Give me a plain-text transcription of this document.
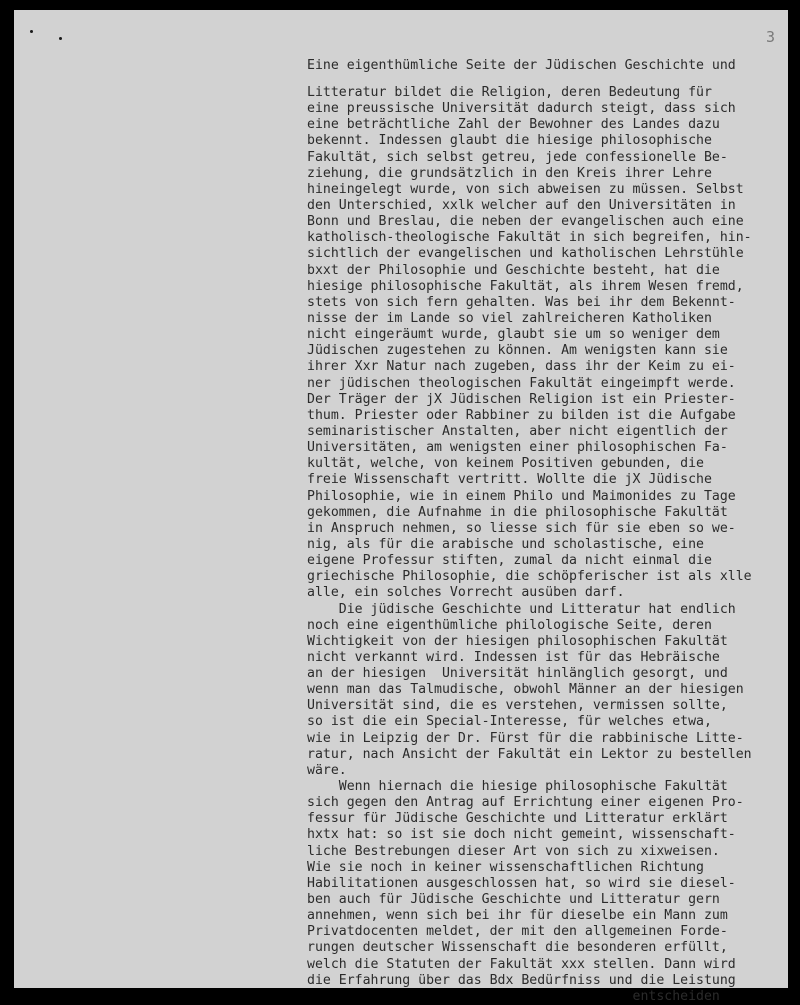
3
Eine eigenthümliche Seite der Jüdischen Geschichte und
Litteratur bildet die Religion, deren Bedeutung für
eine preussische Universität dadurch steigt, dass sich
eine beträchtliche Zahl der Bewohner des Landes dazu
bekennt. Indessen glaubt die hiesige philosophische
Fakultät, sich selbst getreu, jede confessionelle Be-
ziehung, die grundsätzlich in den Kreis ihrer Lehre
hineingelegt wurde, von sich abweisen zu müssen. Selbst
den Unterschied, xxlk welcher auf den Universitäten in
Bonn und Breslau, die neben der evangelischen auch eine
katholisch-theologische Fakultät in sich begreifen, hin-
sichtlich der evangelischen und katholischen Lehrstühle
bxxt der Philosophie und Geschichte besteht, hat die
hiesige philosophische Fakultät, als ihrem Wesen fremd,
stets von sich fern gehalten. Was bei ihr dem Bekennt-
nisse der im Lande so viel zahlreicheren Katholiken
nicht eingeräumt wurde, glaubt sie um so weniger dem
Jüdischen zugestehen zu können. Am wenigsten kann sie
ihrer Xxr Natur nach zugeben, dass ihr der Keim zu ei-
ner jüdischen theologischen Fakultät eingeimpft werde.
Der Träger der jX Jüdischen Religion ist ein Priester-
thum. Priester oder Rabbiner zu bilden ist die Aufgabe
seminaristischer Anstalten, aber nicht eigentlich der
Universitäten, am wenigsten einer philosophischen Fa-
kultät, welche, von keinem Positiven gebunden, die
freie Wissenschaft vertritt. Wollte die jX Jüdische
Philosophie, wie in einem Philo und Maimonides zu Tage
gekommen, die Aufnahme in die philosophische Fakultät
in Anspruch nehmen, so liesse sich für sie eben so we-
nig, als für die arabische und scholastische, eine
eigene Professur stiften, zumal da nicht einmal die
griechische Philosophie, die schöpferischer ist als xlle
alle, ein solches Vorrecht ausüben darf.
Die jüdische Geschichte und Litteratur hat endlich
noch eine eigenthümliche philologische Seite, deren
Wichtigkeit von der hiesigen philosophischen Fakultät
nicht verkannt wird. Indessen ist für das Hebräische
an der hiesigen  Universität hinlänglich gesorgt, und
wenn man das Talmudische, obwohl Männer an der hiesigen
Universität sind, die es verstehen, vermissen sollte,
so ist die ein Special-Interesse, für welches etwa,
wie in Leipzig der Dr. Fürst für die rabbinische Litte-
ratur, nach Ansicht der Fakultät ein Lektor zu bestellen
wäre.
Wenn hiernach die hiesige philosophische Fakultät
sich gegen den Antrag auf Errichtung einer eigenen Pro-
fessur für Jüdische Geschichte und Litteratur erklärt
hxtx hat: so ist sie doch nicht gemeint, wissenschaft-
liche Bestrebungen dieser Art von sich zu xixweisen.
Wie sie noch in keiner wissenschaftlichen Richtung
Habilitationen ausgeschlossen hat, so wird sie diesel-
ben auch für Jüdische Geschichte und Litteratur gern
annehmen, wenn sich bei ihr für dieselbe ein Mann zum
Privatdocenten meldet, der mit den allgemeinen Forde-
rungen deutscher Wissenschaft die besonderen erfüllt,
welch die Statuten der Fakultät xxx stellen. Dann wird
die Erfahrung über das Bdx Bedürfniss und die Leistung
entscheiden
